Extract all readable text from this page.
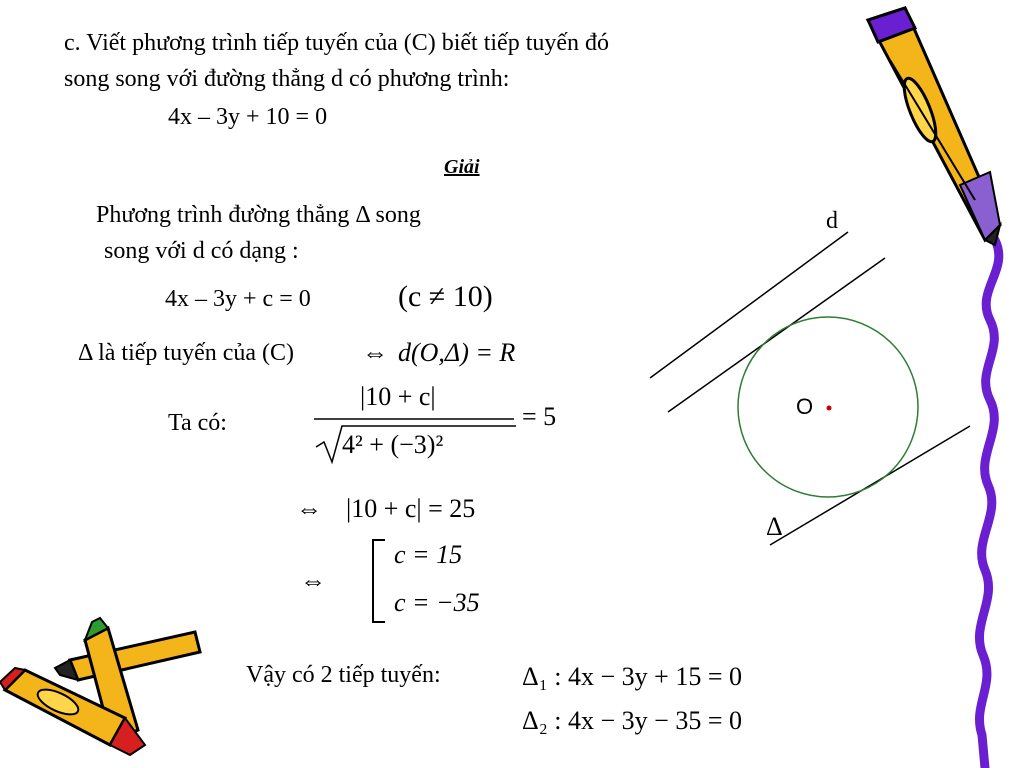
c. Viết phương trình tiếp tuyến của (C) biết tiếp tuyến đó
song song với đường thẳng d có phương trình:
4x – 3y + 10 = 0
Giải
Phương trình đường thẳng Δ song
song với d có dạng :
4x – 3y + c = 0	(c ≠ 10)
Δ là tiếp tuyến của (C)	⇔ d(O,Δ) = R
Ta có:
|10 + c|
4² + (−3)²
= 5
⇔ |10 + c| = 25
⇔
c = 15
c = −35
Vậy có 2 tiếp tuyến:	Δ₁ : 4x − 3y + 15 = 0
Δ₂ : 4x − 3y − 35 = 0
d
O
Δ
